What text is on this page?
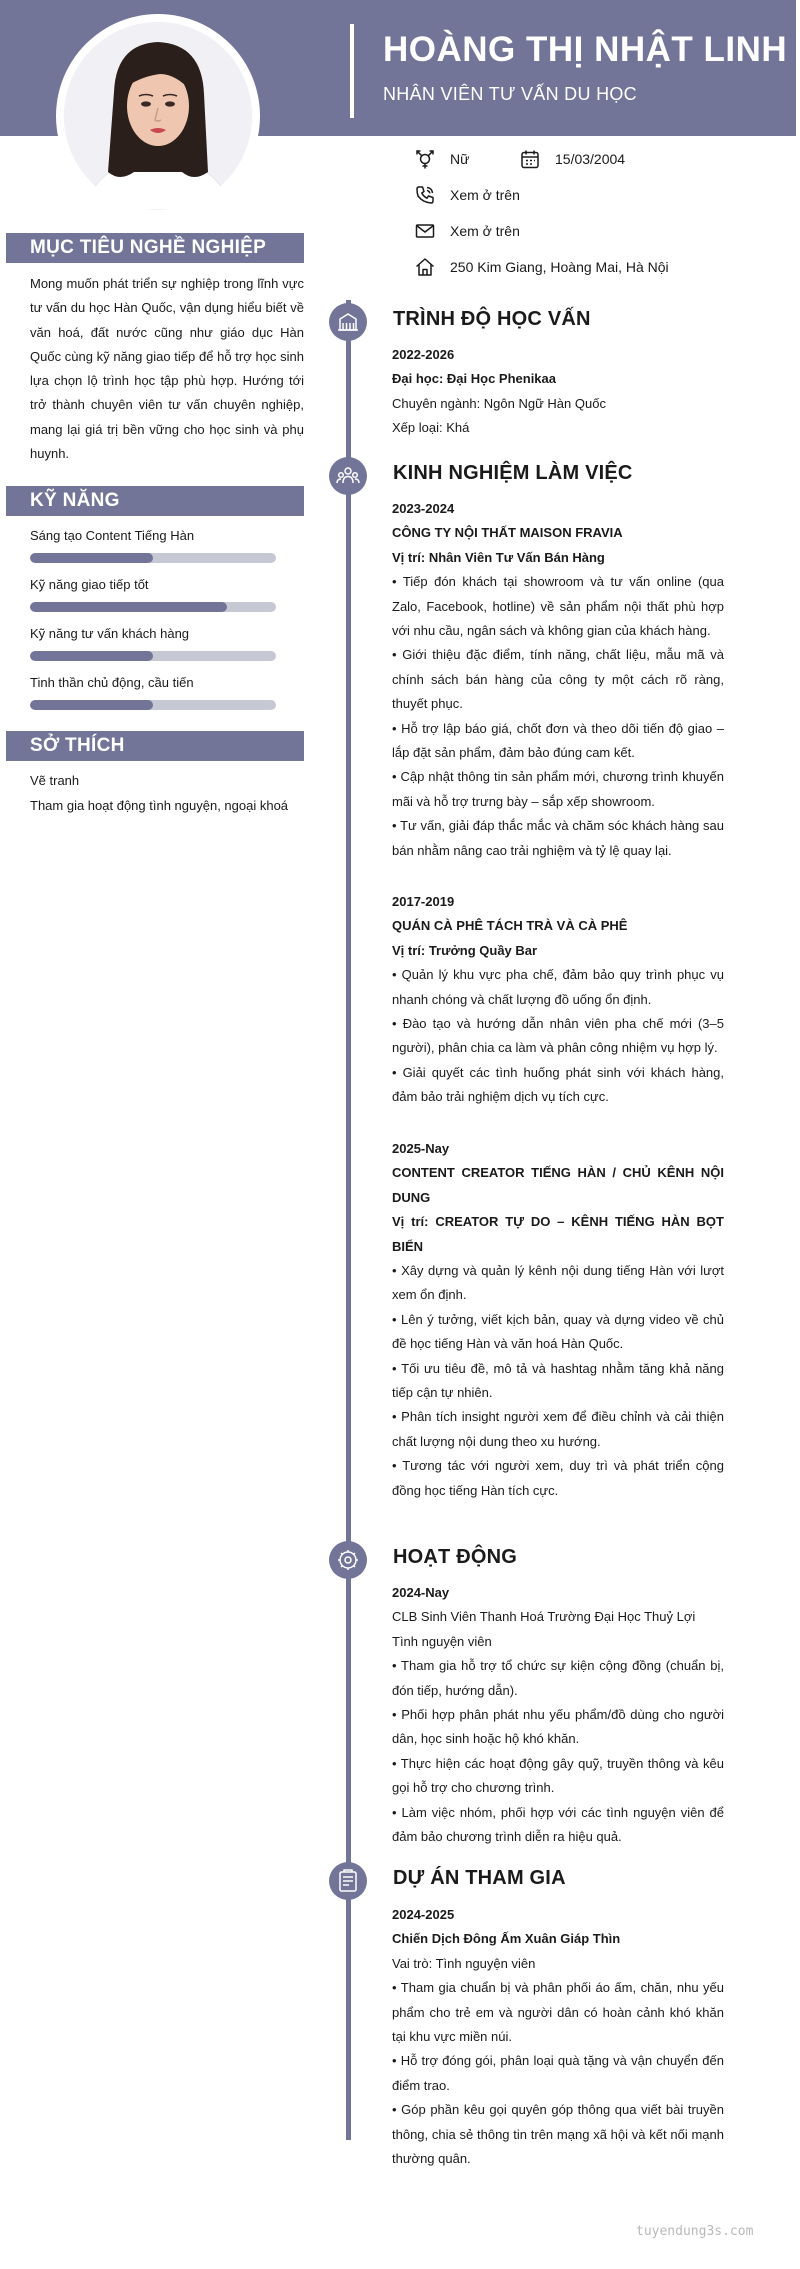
HOÀNG THỊ NHẬT LINH
NHÂN VIÊN TƯ VẤN DU HỌC
Nữ	15/03/2004
Xem ở trên
Xem ở trên
250 Kim Giang, Hoàng Mai, Hà Nội
MỤC TIÊU NGHỀ NGHIỆP
Mong muốn phát triển sự nghiệp trong lĩnh vực tư vấn du học Hàn Quốc, vận dụng hiểu biết về văn hoá, đất nước cũng như giáo dục Hàn Quốc cùng kỹ năng giao tiếp để hỗ trợ học sinh lựa chọn lộ trình học tập phù hợp. Hướng tới trở thành chuyên viên tư vấn chuyên nghiệp, mang lại giá trị bền vững cho học sinh và phụ huynh.
KỸ NĂNG
Sáng tạo Content Tiếng Hàn
Kỹ năng giao tiếp tốt
Kỹ năng tư vấn khách hàng
Tinh thần chủ động, cầu tiến
SỞ THÍCH
Vẽ tranh
Tham gia hoạt động tình nguyện, ngoại khoá
TRÌNH ĐỘ HỌC VẤN
2022-2026
Đại học: Đại Học Phenikaa
Chuyên ngành: Ngôn Ngữ Hàn Quốc
Xếp loại: Khá
KINH NGHIỆM LÀM VIỆC
2023-2024
CÔNG TY NỘI THẤT MAISON FRAVIA
Vị trí: Nhân Viên Tư Vấn Bán Hàng
• Tiếp đón khách tại showroom và tư vấn online (qua Zalo, Facebook, hotline) về sản phẩm nội thất phù hợp với nhu cầu, ngân sách và không gian của khách hàng.
• Giới thiệu đặc điểm, tính năng, chất liệu, mẫu mã và chính sách bán hàng của công ty một cách rõ ràng, thuyết phục.
• Hỗ trợ lập báo giá, chốt đơn và theo dõi tiến độ giao – lắp đặt sản phẩm, đảm bảo đúng cam kết.
• Cập nhật thông tin sản phẩm mới, chương trình khuyến mãi và hỗ trợ trưng bày – sắp xếp showroom.
• Tư vấn, giải đáp thắc mắc và chăm sóc khách hàng sau bán nhằm nâng cao trải nghiệm và tỷ lệ quay lại.
2017-2019
QUÁN CÀ PHÊ TÁCH TRÀ VÀ CÀ PHÊ
Vị trí: Trưởng Quầy Bar
• Quản lý khu vực pha chế, đảm bảo quy trình phục vụ nhanh chóng và chất lượng đồ uống ổn định.
• Đào tạo và hướng dẫn nhân viên pha chế mới (3–5 người), phân chia ca làm và phân công nhiệm vụ hợp lý.
• Giải quyết các tình huống phát sinh với khách hàng, đảm bảo trải nghiệm dịch vụ tích cực.
2025-Nay
CONTENT CREATOR TIẾNG HÀN / CHỦ KÊNH NỘI DUNG
Vị trí: CREATOR TỰ DO – KÊNH TIẾNG HÀN BỌT BIỂN
• Xây dựng và quản lý kênh nội dung tiếng Hàn với lượt xem ổn định.
• Lên ý tưởng, viết kịch bản, quay và dựng video về chủ đề học tiếng Hàn và văn hoá Hàn Quốc.
• Tối ưu tiêu đề, mô tả và hashtag nhằm tăng khả năng tiếp cận tự nhiên.
• Phân tích insight người xem để điều chỉnh và cải thiện chất lượng nội dung theo xu hướng.
• Tương tác với người xem, duy trì và phát triển cộng đồng học tiếng Hàn tích cực.
HOẠT ĐỘNG
2024-Nay
CLB Sinh Viên Thanh Hoá Trường Đại Học Thuỷ Lợi
Tình nguyện viên
• Tham gia hỗ trợ tổ chức sự kiện cộng đồng (chuẩn bị, đón tiếp, hướng dẫn).
• Phối hợp phân phát nhu yếu phẩm/đồ dùng cho người dân, học sinh hoặc hộ khó khăn.
• Thực hiện các hoạt động gây quỹ, truyền thông và kêu gọi hỗ trợ cho chương trình.
• Làm việc nhóm, phối hợp với các tình nguyện viên để đảm bảo chương trình diễn ra hiệu quả.
DỰ ÁN THAM GIA
2024-2025
Chiến Dịch Đông Ấm Xuân Giáp Thìn
Vai trò: Tình nguyện viên
• Tham gia chuẩn bị và phân phối áo ấm, chăn, nhu yếu phẩm cho trẻ em và người dân có hoàn cảnh khó khăn tại khu vực miền núi.
• Hỗ trợ đóng gói, phân loại quà tặng và vận chuyển đến điểm trao.
• Góp phần kêu gọi quyên góp thông qua viết bài truyền thông, chia sẻ thông tin trên mạng xã hội và kết nối mạnh thường quân.
tuyendung3s.com
